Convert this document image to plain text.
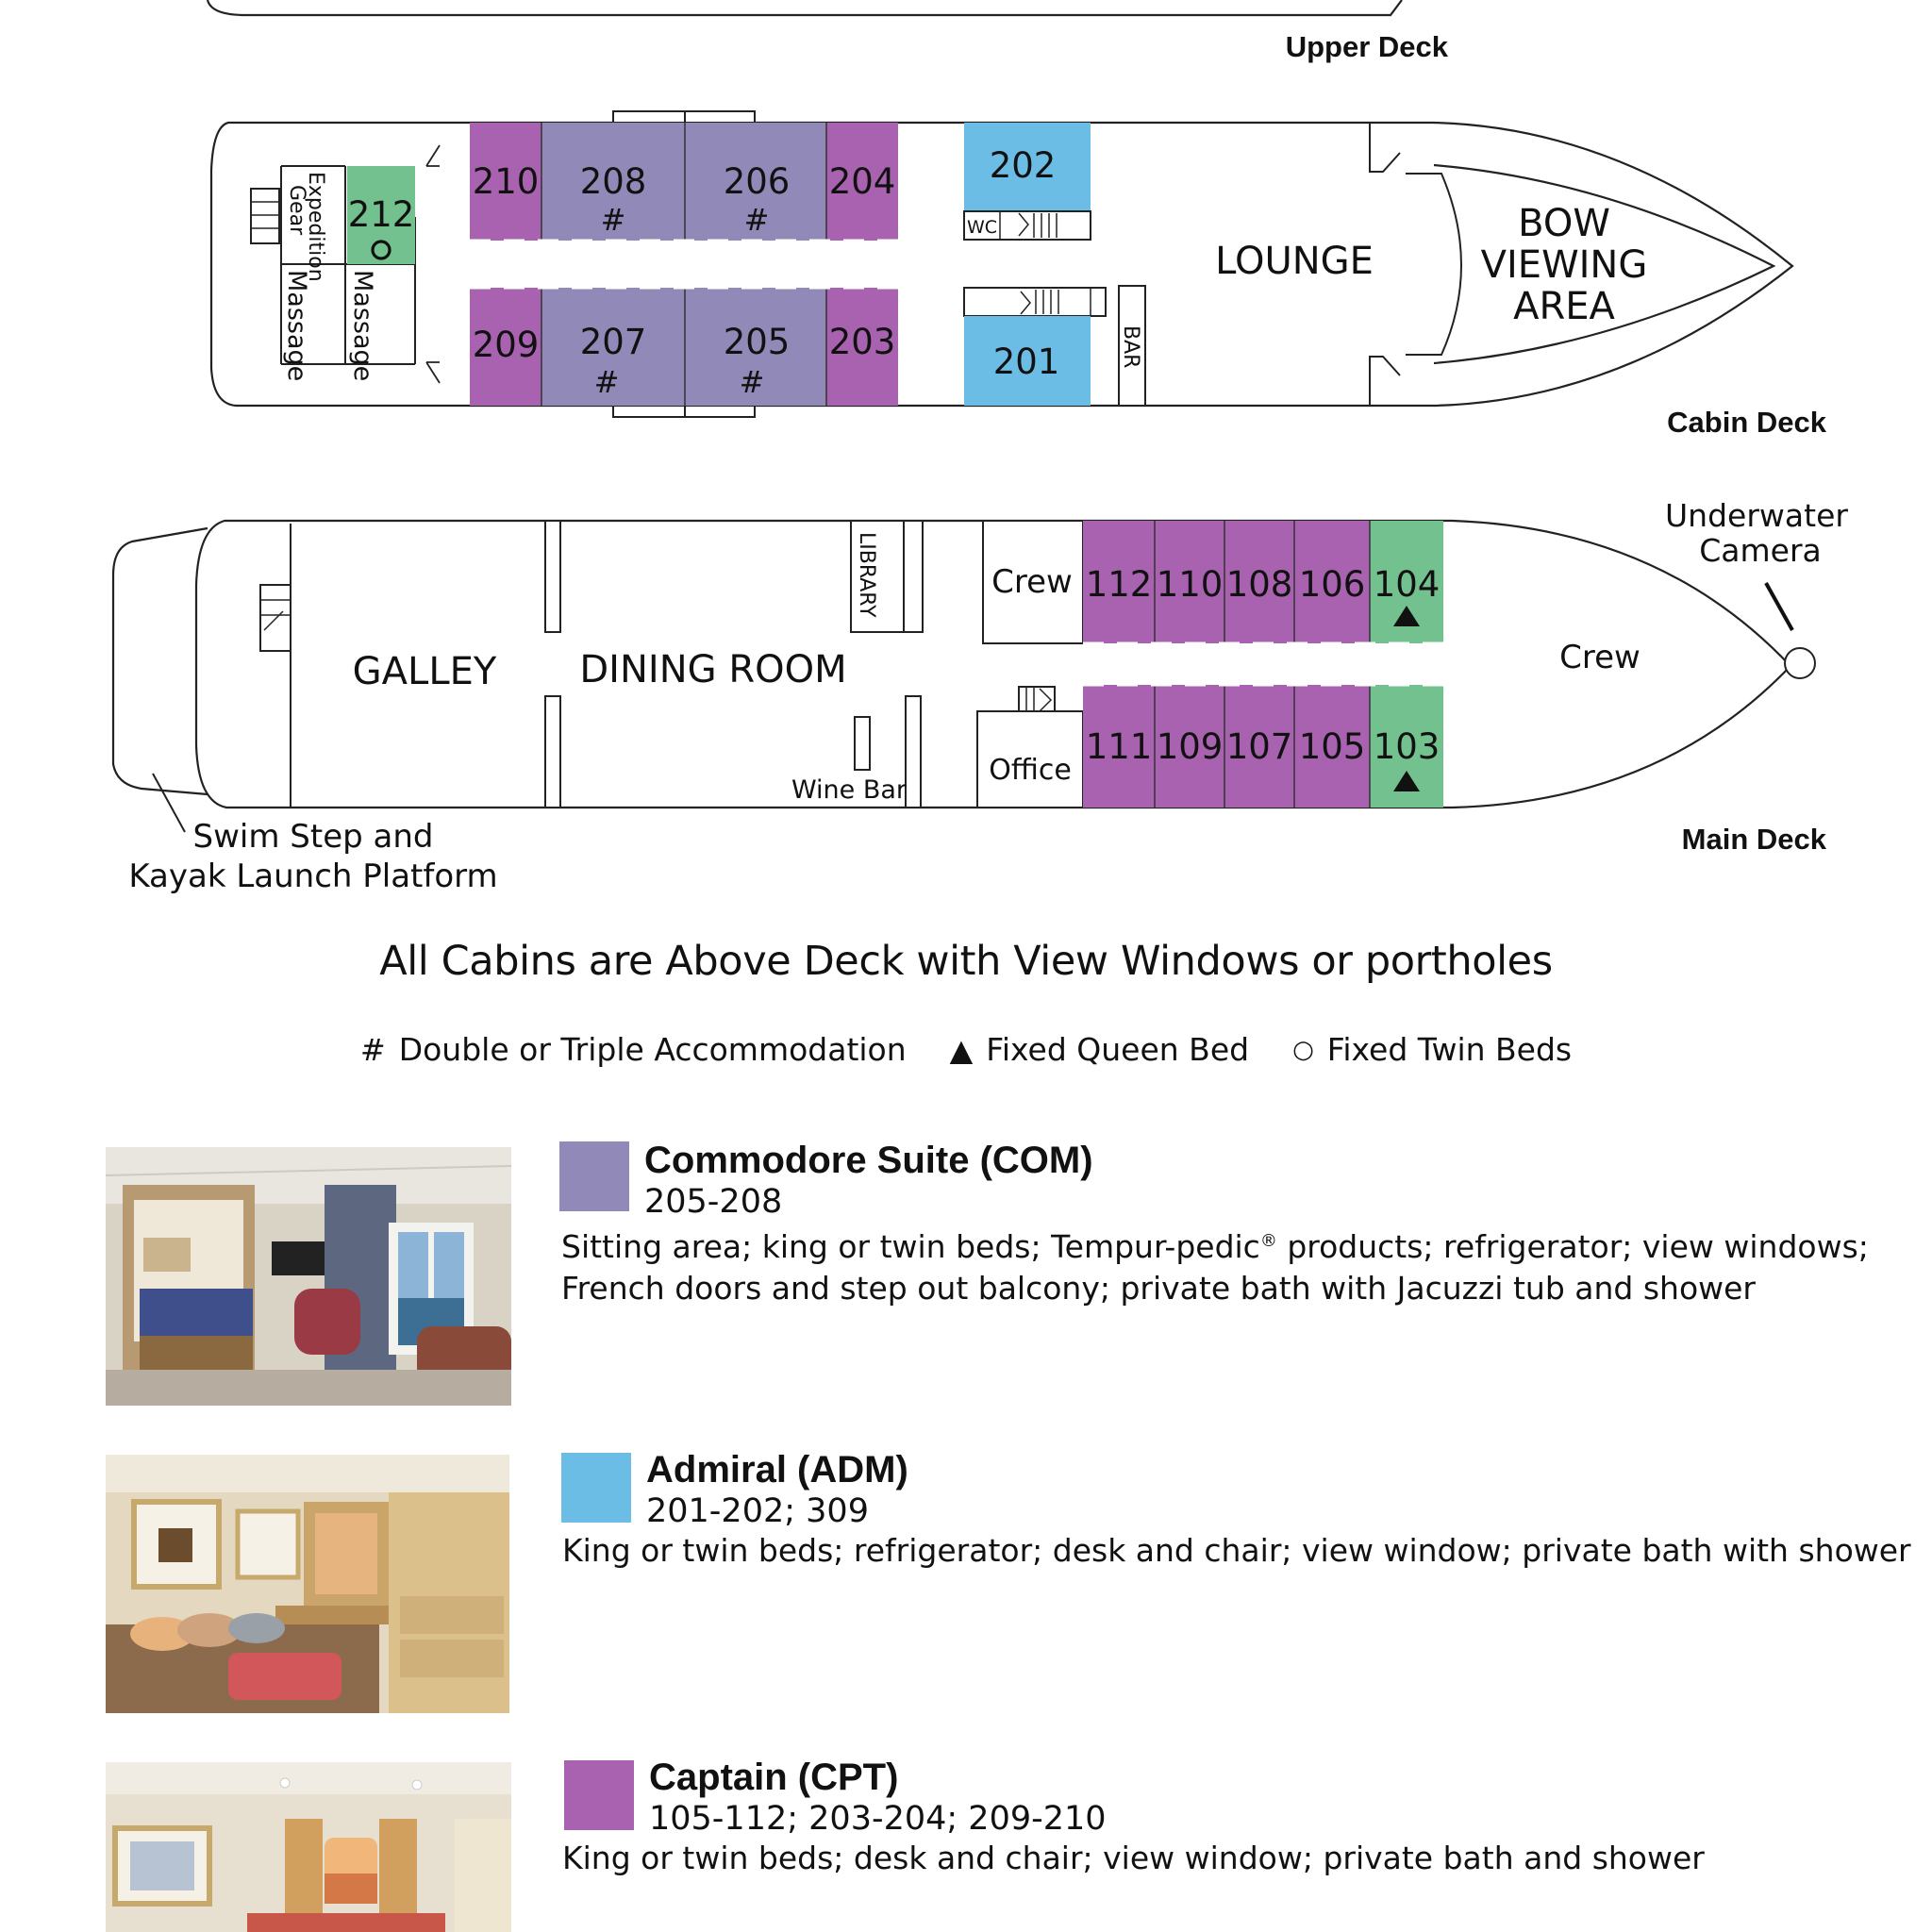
Upper Deck
Expedition
Gear
Massage Massage
212
210 208
#
206
#
204
209 207
#
205
#
203
202
WC
201	BAR
LOUNGE
BOW
VIEWING
AREA
Cabin Deck
GALLEY DINING ROOM
LIBRARY
Wine Bar
Crew
Office
112 110 108 106 104
111 109 107 105 103
Crew
Underwater
Camera
Swim Step and
Kayak Launch Platform
Main Deck
All Cabins are Above Deck with View Windows or portholes
# Double or Triple Accommodation ▲ Fixed Queen Bed ○ Fixed Twin Beds
Commodore Suite (COM)
205-208
Sitting area; king or twin beds; Tempur-pedic® products; refrigerator; view windows;
French doors and step out balcony; private bath with Jacuzzi tub and shower
Admiral (ADM)
201-202; 309
King or twin beds; refrigerator; desk and chair; view window; private bath with shower
Captain (CPT)
105-112; 203-204; 209-210
King or twin beds; desk and chair; view window; private bath and shower
